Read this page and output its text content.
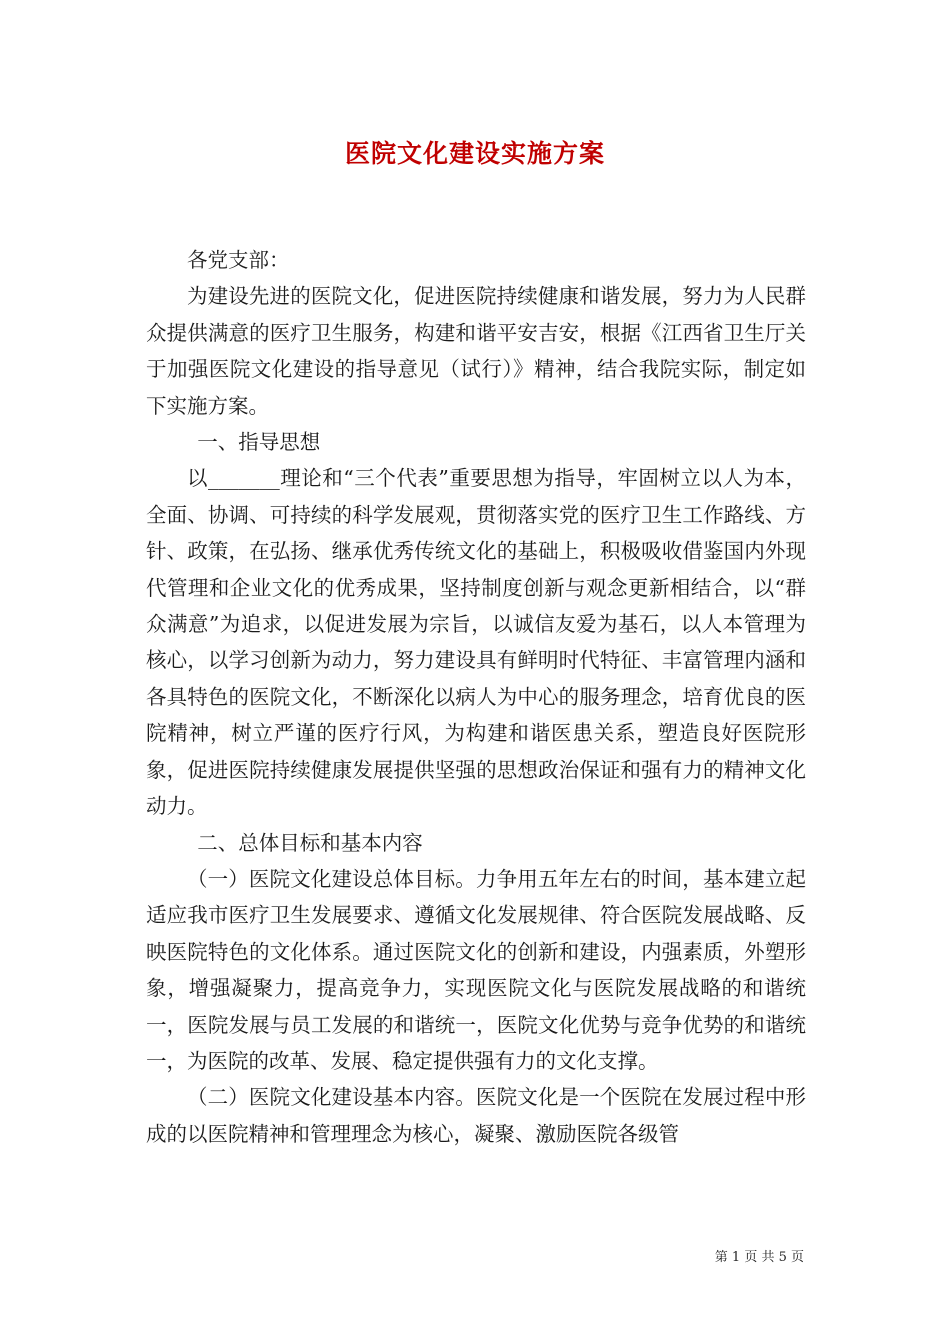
医院文化建设实施方案

各党支部：

为建设先进的医院文化，促进医院持续健康和谐发展，努力为人民群众提供满意的医疗卫生服务，构建和谐平安吉安，根据《江西省卫生厅关于加强医院文化建设的指导意见（试行）》精神，结合我院实际，制定如下实施方案。

一、指导思想

以_______理论和“三个代表”重要思想为指导，牢固树立以人为本，全面、协调、可持续的科学发展观，贯彻落实党的医疗卫生工作路线、方针、政策，在弘扬、继承优秀传统文化的基础上，积极吸收借鉴国内外现代管理和企业文化的优秀成果，坚持制度创新与观念更新相结合，以“群众满意”为追求，以促进发展为宗旨，以诚信友爱为基石，以人本管理为核心，以学习创新为动力，努力建设具有鲜明时代特征、丰富管理内涵和各具特色的医院文化，不断深化以病人为中心的服务理念，培育优良的医院精神，树立严谨的医疗行风，为构建和谐医患关系，塑造良好医院形象，促进医院持续健康发展提供坚强的思想政治保证和强有力的精神文化动力。

二、总体目标和基本内容

（一）医院文化建设总体目标。力争用五年左右的时间，基本建立起适应我市医疗卫生发展要求、遵循文化发展规律、符合医院发展战略、反映医院特色的文化体系。通过医院文化的创新和建设，内强素质，外塑形象，增强凝聚力，提高竞争力，实现医院文化与医院发展战略的和谐统一，医院发展与员工发展的和谐统一，医院文化优势与竞争优势的和谐统一，为医院的改革、发展、稳定提供强有力的文化支撑。

（二）医院文化建设基本内容。医院文化是一个医院在发展过程中形成的以医院精神和管理理念为核心，凝聚、激励医院各级管

第 1 页 共 5 页
